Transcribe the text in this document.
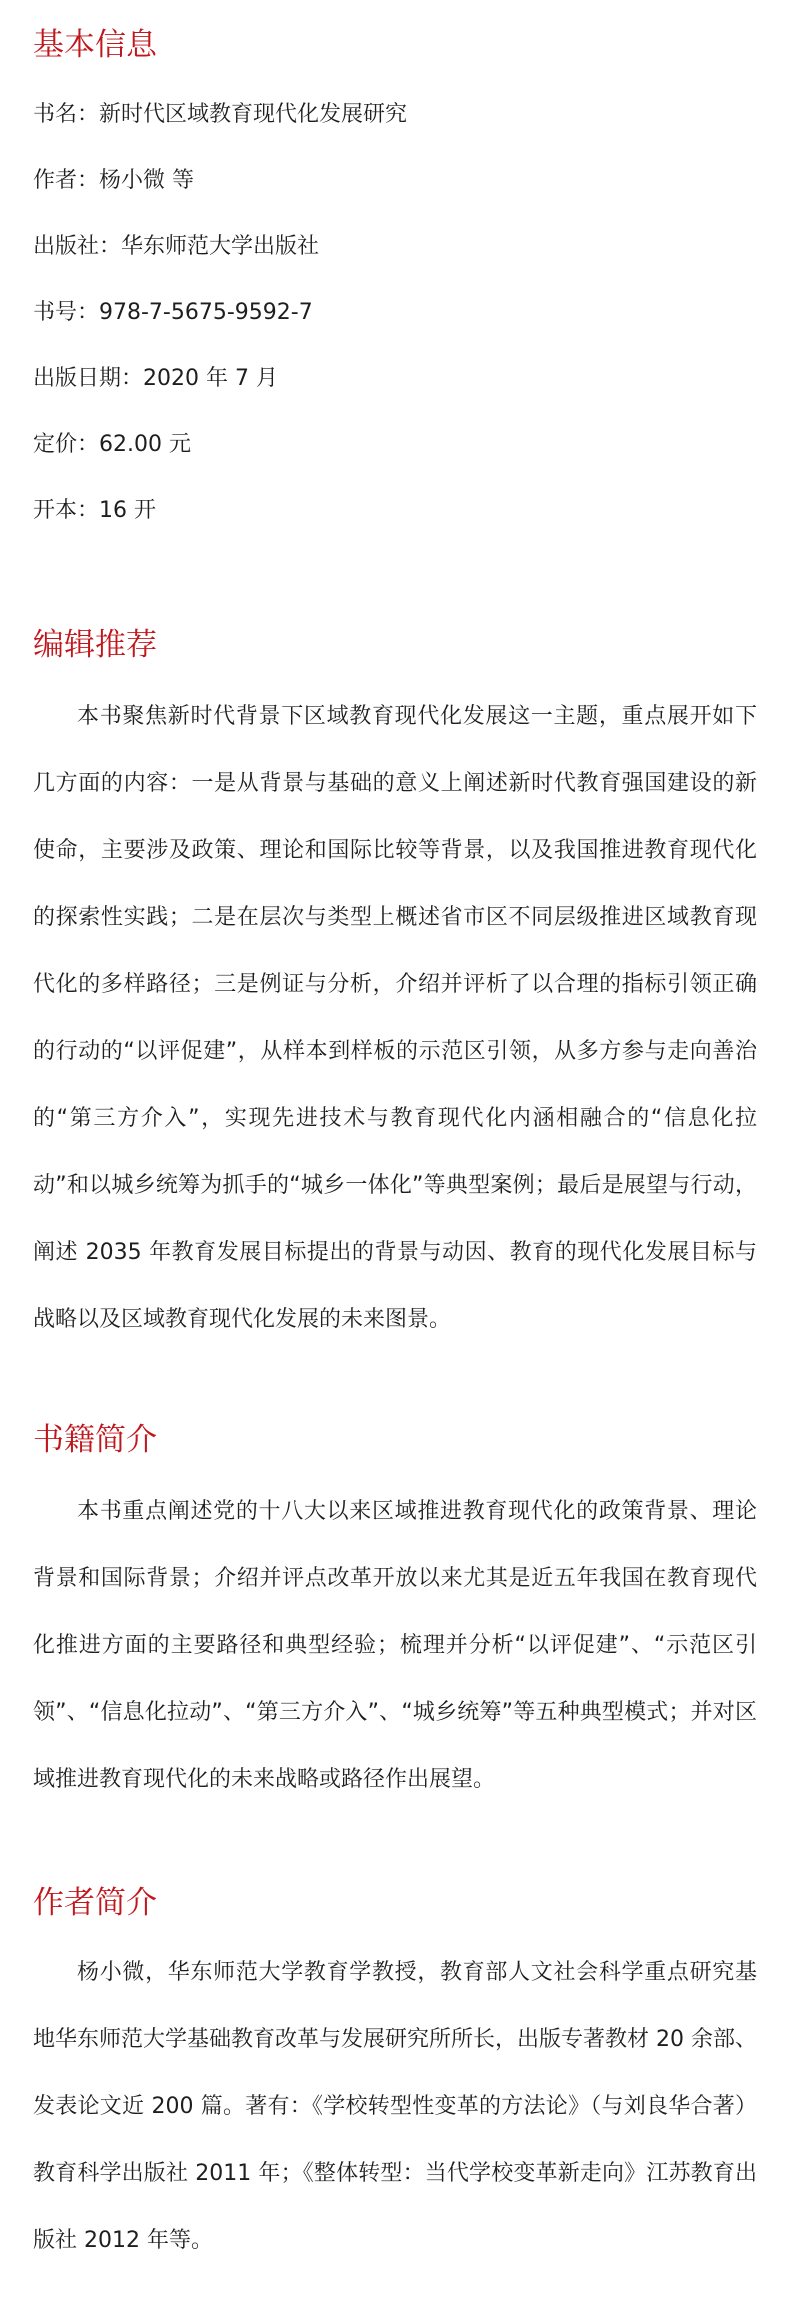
基本信息

书名：新时代区域教育现代化发展研究

作者：杨小微 等

出版社：华东师范大学出版社

书号：978-7-5675-9592-7

出版日期：2020 年 7 月

定价：62.00 元

开本：16 开

编辑推荐

本书聚焦新时代背景下区域教育现代化发展这一主题，重点展开如下几方面的内容：一是从背景与基础的意义上阐述新时代教育强国建设的新使命，主要涉及政策、理论和国际比较等背景，以及我国推进教育现代化的探索性实践；二是在层次与类型上概述省市区不同层级推进区域教育现代化的多样路径；三是例证与分析，介绍并评析了以合理的指标引领正确的行动的“以评促建”，从样本到样板的示范区引领，从多方参与走向善治的“第三方介入”，实现先进技术与教育现代化内涵相融合的“信息化拉动”和以城乡统筹为抓手的“城乡一体化”等典型案例；最后是展望与行动，阐述 2035 年教育发展目标提出的背景与动因、教育的现代化发展目标与战略以及区域教育现代化发展的未来图景。

书籍简介

本书重点阐述党的十八大以来区域推进教育现代化的政策背景、理论背景和国际背景；介绍并评点改革开放以来尤其是近五年我国在教育现代化推进方面的主要路径和典型经验；梳理并分析“以评促建”、“示范区引领”、“信息化拉动”、“第三方介入”、“城乡统筹”等五种典型模式；并对区域推进教育现代化的未来战略或路径作出展望。

作者简介

杨小微，华东师范大学教育学教授，教育部人文社会科学重点研究基地华东师范大学基础教育改革与发展研究所所长，出版专著教材 20 余部、发表论文近 200 篇。著有：《学校转型性变革的方法论》（与刘良华合著）教育科学出版社 2011 年；《整体转型：当代学校变革新走向》江苏教育出版社 2012 年等。
